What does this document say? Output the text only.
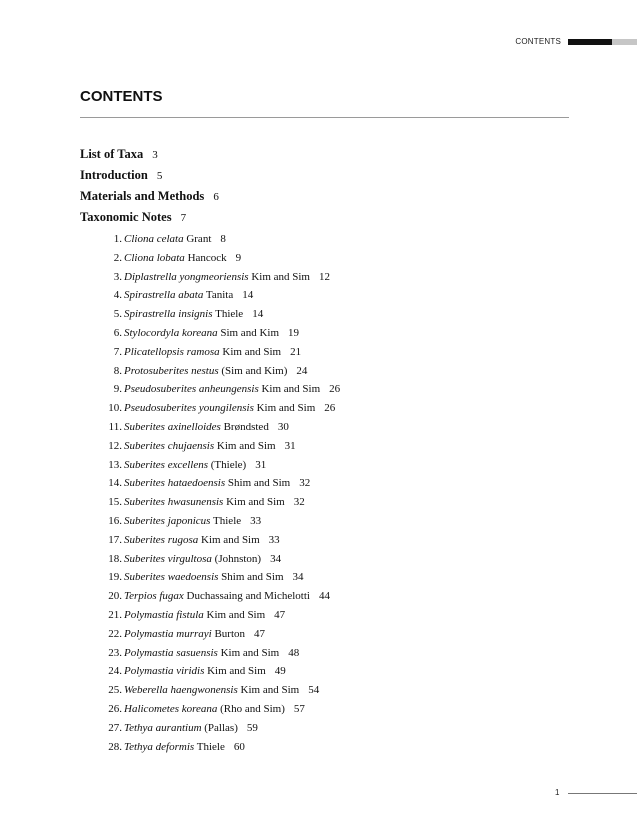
CONTENTS
CONTENTS
List of Taxa 3
Introduction 5
Materials and Methods 6
Taxonomic Notes 7
1. Cliona celata Grant 8
2. Cliona lobata Hancock 9
3. Diplastrella yongmeoriensis Kim and Sim 12
4. Spirastrella abata Tanita 14
5. Spirastrella insignis Thiele 14
6. Stylocordyla koreana Sim and Kim 19
7. Plicatellopsis ramosa Kim and Sim 21
8. Protosuberites nestus (Sim and Kim) 24
9. Pseudosuberites anheungensis Kim and Sim 26
10. Pseudosuberites youngilensis Kim and Sim 26
11. Suberites axinelloides Brøndsted 30
12. Suberites chujaensis Kim and Sim 31
13. Suberites excellens (Thiele) 31
14. Suberites hataedoensis Shim and Sim 32
15. Suberites hwasunensis Kim and Sim 32
16. Suberites japonicus Thiele 33
17. Suberites rugosa Kim and Sim 33
18. Suberites virgultosa (Johnston) 34
19. Suberites waedoensis Shim and Sim 34
20. Terpios fugax Duchassaing and Michelotti 44
21. Polymastia fistula Kim and Sim 47
22. Polymastia murrayi Burton 47
23. Polymastia sasuensis Kim and Sim 48
24. Polymastia viridis Kim and Sim 49
25. Weberella haengwonensis Kim and Sim 54
26. Halicometes koreana (Rho and Sim) 57
27. Tethya aurantium (Pallas) 59
28. Tethya deformis Thiele 60
1
